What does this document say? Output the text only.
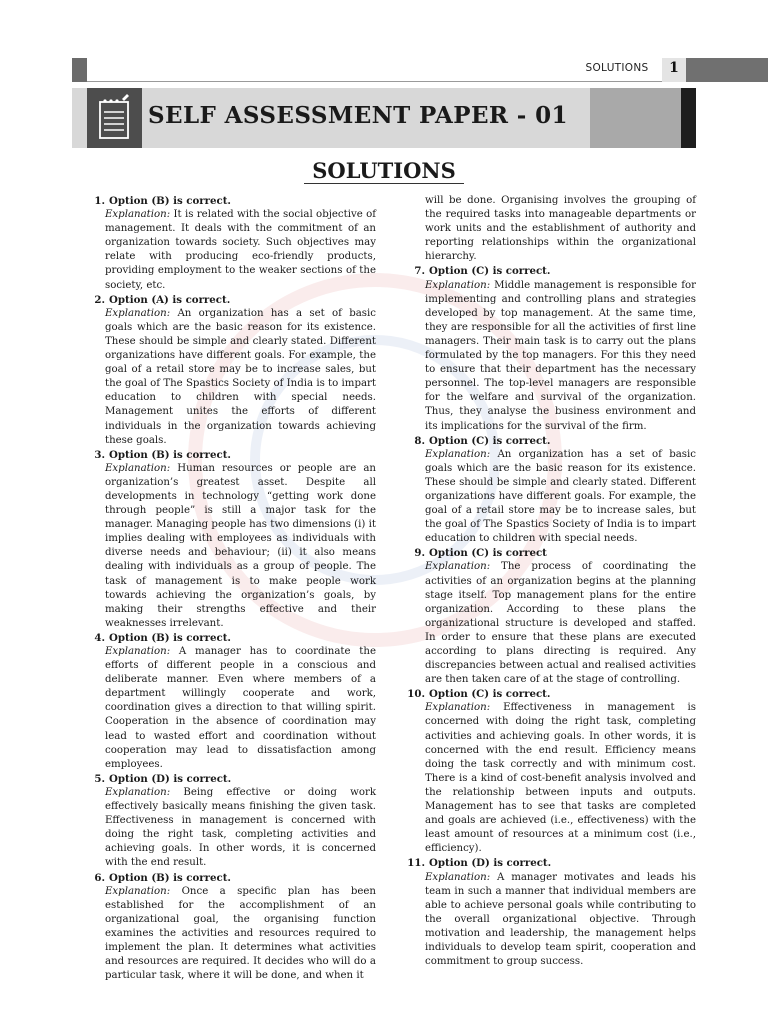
SOLUTIONS	1
SELF ASSESSMENT PAPER - 01
SOLUTIONS
1. Option (B) is correct.
Explanation: It is related with the social objective of management. It deals with the commitment of an organization towards society. Such objectives may relate with producing eco-friendly products, providing employment to the weaker sections of the society, etc.
2. Option (A) is correct.
Explanation: An organization has a set of basic goals which are the basic reason for its existence. These should be simple and clearly stated. Different organizations have different goals. For example, the goal of a retail store may be to increase sales, but the goal of The Spastics Society of India is to impart education to children with special needs. Management unites the efforts of different individuals in the organization towards achieving these goals.
3. Option (B) is correct.
Explanation: Human resources or people are an organization’s greatest asset. Despite all developments in technology “getting work done through people” is still a major task for the manager. Managing people has two dimensions (i) it implies dealing with employees as individuals with diverse needs and behaviour; (ii) it also means dealing with individuals as a group of people. The task of management is to make people work towards achieving the organization’s goals, by making their strengths effective and their weaknesses irrelevant.
4. Option (B) is correct.
Explanation: A manager has to coordinate the efforts of different people in a conscious and deliberate manner. Even where members of a department willingly cooperate and work, coordination gives a direction to that willing spirit. Cooperation in the absence of coordination may lead to wasted effort and coordination without cooperation may lead to dissatisfaction among employees.
5. Option (D) is correct.
Explanation: Being effective or doing work effectively basically means finishing the given task. Effectiveness in management is concerned with doing the right task, completing activities and achieving goals. In other words, it is concerned with the end result.
6. Option (B) is correct.
Explanation: Once a specific plan has been established for the accomplishment of an organizational goal, the organising function examines the activities and resources required to implement the plan. It determines what activities and resources are required. It decides who will do a particular task, where it will be done, and when it
will be done. Organising involves the grouping of the required tasks into manageable departments or work units and the establishment of authority and reporting relationships within the organizational hierarchy.
7. Option (C) is correct.
Explanation: Middle management is responsible for implementing and controlling plans and strategies developed by top management. At the same time, they are responsible for all the activities of first line managers. Their main task is to carry out the plans formulated by the top managers. For this they need to ensure that their department has the necessary personnel. The top-level managers are responsible for the welfare and survival of the organization. Thus, they analyse the business environment and its implications for the survival of the firm.
8. Option (C) is correct.
Explanation: An organization has a set of basic goals which are the basic reason for its existence. These should be simple and clearly stated. Different organizations have different goals. For example, the goal of a retail store may be to increase sales, but the goal of The Spastics Society of India is to impart education to children with special needs.
9. Option (C) is correct
Explanation: The process of coordinating the activities of an organization begins at the planning stage itself. Top management plans for the entire organization. According to these plans the organizational structure is developed and staffed. In order to ensure that these plans are executed according to plans directing is required. Any discrepancies between actual and realised activities are then taken care of at the stage of controlling.
10. Option (C) is correct.
Explanation: Effectiveness in management is concerned with doing the right task, completing activities and achieving goals. In other words, it is concerned with the end result. Efficiency means doing the task correctly and with minimum cost. There is a kind of cost-benefit analysis involved and the relationship between inputs and outputs. Management has to see that tasks are completed and goals are achieved (i.e., effectiveness) with the least amount of resources at a minimum cost (i.e., efficiency).
11. Option (D) is correct.
Explanation: A manager motivates and leads his team in such a manner that individual members are able to achieve personal goals while contributing to the overall organizational objective. Through motivation and leadership, the management helps individuals to develop team spirit, cooperation and commitment to group success.
